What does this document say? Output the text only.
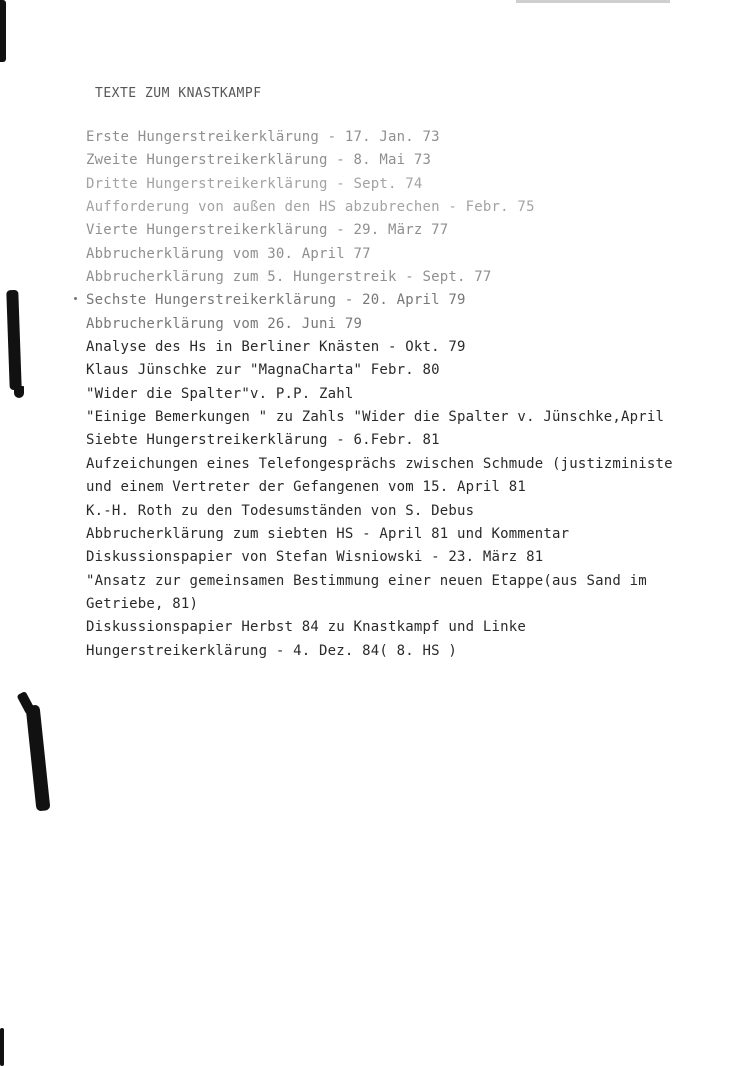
TEXTE ZUM KNASTKAMPF
Erste Hungerstreikerklärung - 17. Jan. 73
Zweite Hungerstreikerklärung - 8. Mai 73
Dritte Hungerstreikerklärung - Sept. 74
Aufforderung von außen den HS abzubrechen - Febr. 75
Vierte Hungerstreikerklärung - 29. März 77
Abbrucherklärung vom 30. April 77
Abbrucherklärung zum 5. Hungerstreik - Sept. 77
Sechste Hungerstreikerklärung - 20. April 79
Abbrucherklärung vom 26. Juni 79
Analyse des Hs in Berliner Knästen - Okt. 79
Klaus Jünschke zur "MagnaCharta" Febr. 80
"Wider die Spalter"v. P.P. Zahl
"Einige Bemerkungen " zu Zahls "Wider die Spalter v. Jünschke,April
Siebte Hungerstreikerklärung - 6.Febr. 81
Aufzeichungen eines Telefongesprächs zwischen Schmude (justizministe
und einem Vertreter der Gefangenen vom 15. April 81
K.-H. Roth zu den Todesumständen von S. Debus
Abbrucherklärung zum siebten HS - April 81 und Kommentar
Diskussionspapier von Stefan Wisniowski - 23. März 81
"Ansatz zur gemeinsamen Bestimmung einer neuen Etappe(aus Sand im
Getriebe, 81)
Diskussionspapier Herbst 84 zu Knastkampf und Linke
Hungerstreikerklärung - 4. Dez. 84( 8. HS )
